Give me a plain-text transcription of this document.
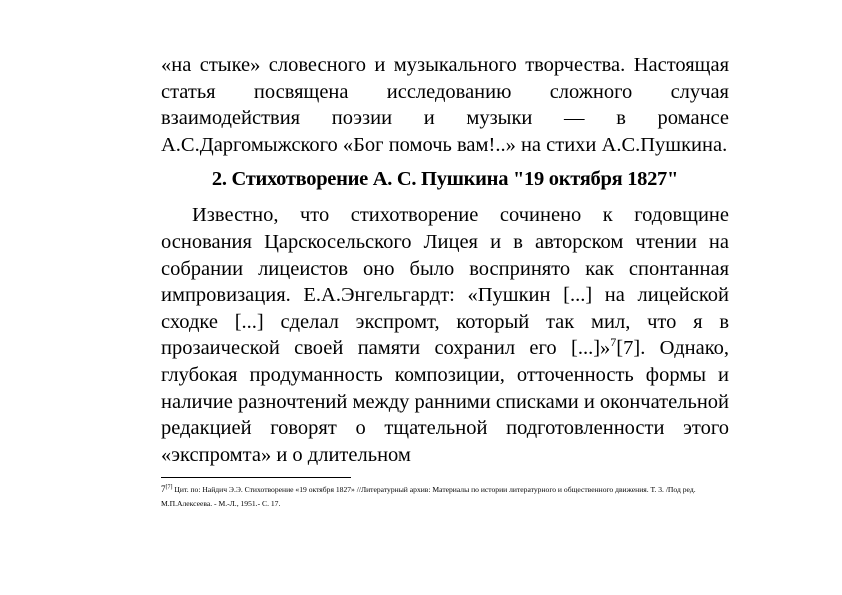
«на стыке» словесного и музыкального творчества. Настоящая статья посвящена исследованию сложного случая взаимодействия поэзии и музыки — в романсе А.С.Даргомыжского «Бог помочь вам!..» на стихи А.С.Пушкина.

2. Стихотворение А. С. Пушкина "19 октября 1827"

Известно, что стихотворение сочинено к годовщине основания Царскосельского Лицея и в авторском чтении на собрании лицеистов оно было воспринято как спонтанная импровизация. Е.А.Энгельгардт: «Пушкин [...] на лицейской сходке [...] сделал экспромт, который так мил, что я в прозаической своей памяти сохранил его [...]»$^7$[7]. Однако, глубокая продуманность композиции, отточенность формы и наличие разночтений между ранними списками и окончательной редакцией говорят о тщательной подготовленности этого «экспромта» и о длительном

7[7] Цит. по: Найдич Э.Э. Стихотворение «19 октября 1827» //Литературный архив: Материалы по истории литературного и общественного движения. Т. 3. /Под ред. М.П.Алексеева. - М.-Л., 1951.- С. 17.
